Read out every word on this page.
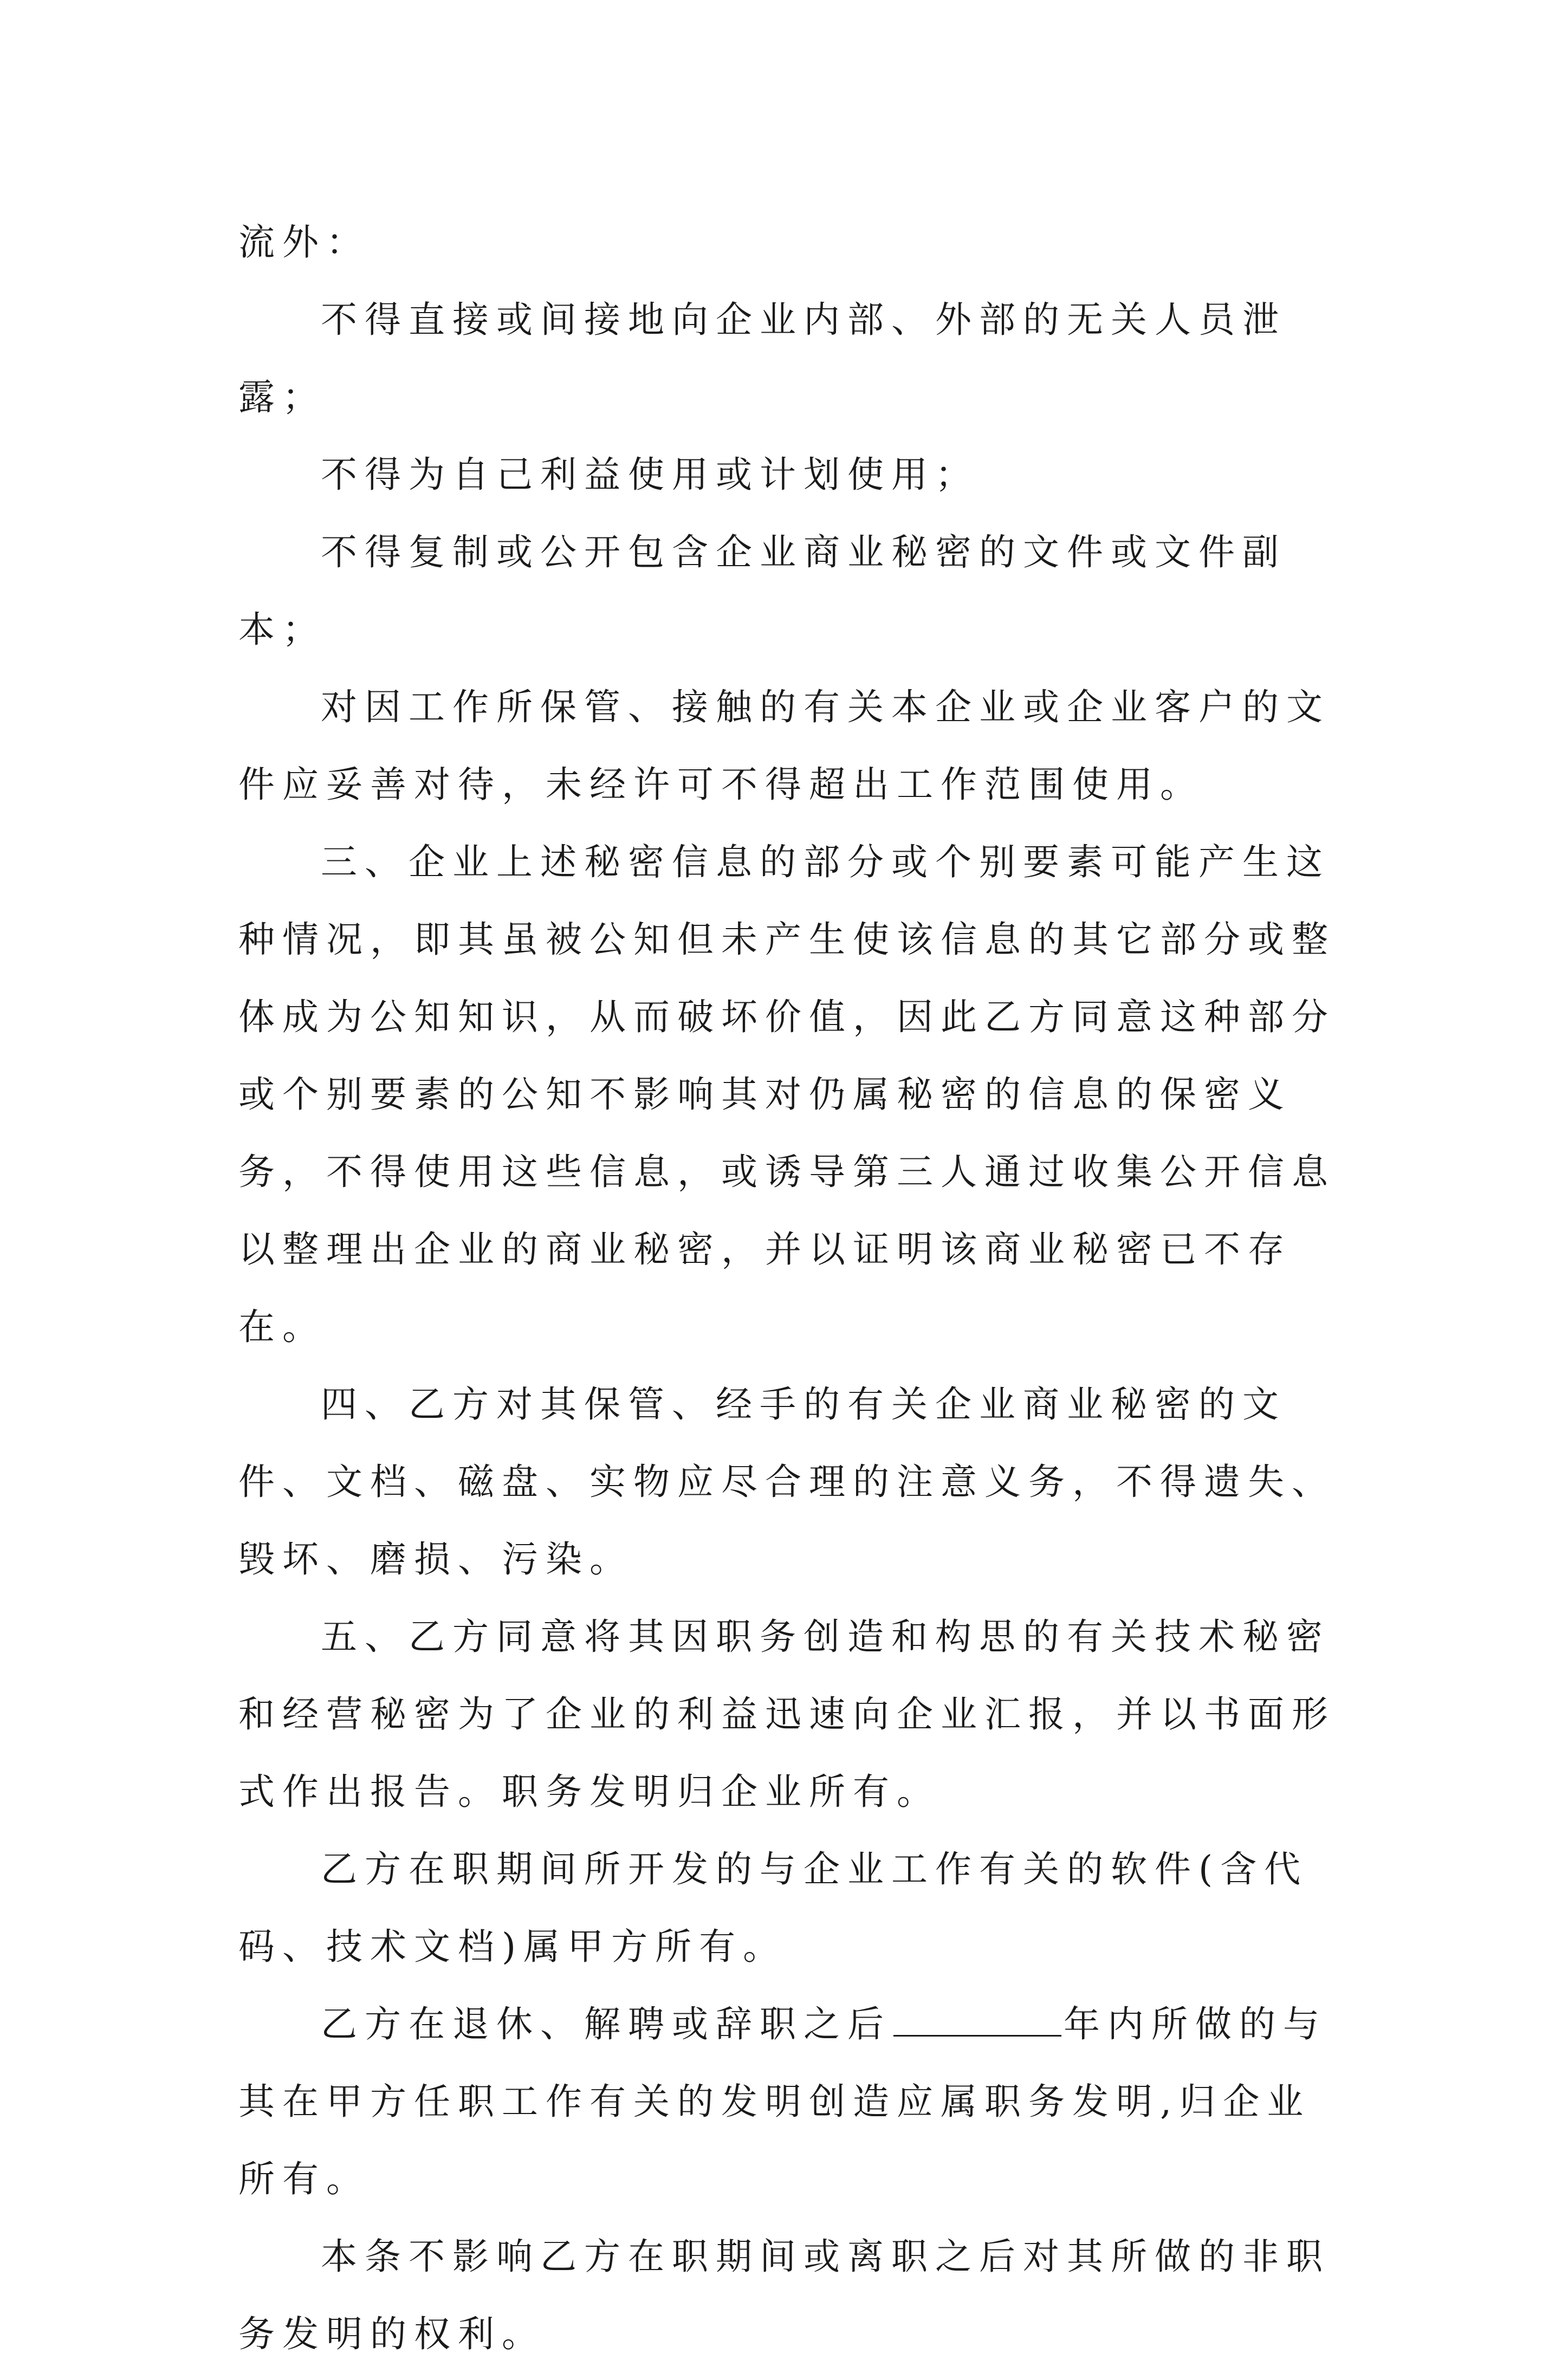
流外：

不得直接或间接地向企业内部、外部的无关人员泄露；

不得为自己利益使用或计划使用；

不得复制或公开包含企业商业秘密的文件或文件副本；

对因工作所保管、接触的有关本企业或企业客户的文件应妥善对待，未经许可不得超出工作范围使用。

三、企业上述秘密信息的部分或个别要素可能产生这种情况，即其虽被公知但未产生使该信息的其它部分或整体成为公知知识，从而破坏价值，因此乙方同意这种部分或个别要素的公知不影响其对仍属秘密的信息的保密义务，不得使用这些信息，或诱导第三人通过收集公开信息以整理出企业的商业秘密，并以证明该商业秘密已不存在。

四、乙方对其保管、经手的有关企业商业秘密的文件、文档、磁盘、实物应尽合理的注意义务，不得遗失、毁坏、磨损、污染。

五、乙方同意将其因职务创造和构思的有关技术秘密和经营秘密为了企业的利益迅速向企业汇报，并以书面形式作出报告。职务发明归企业所有。

乙方在职期间所开发的与企业工作有关的软件(含代码、技术文档)属甲方所有。

乙方在退休、解聘或辞职之后	年内所做的与其在甲方任职工作有关的发明创造应属职务发明,归企业所有。

本条不影响乙方在职期间或离职之后对其所做的非职务发明的权利。
